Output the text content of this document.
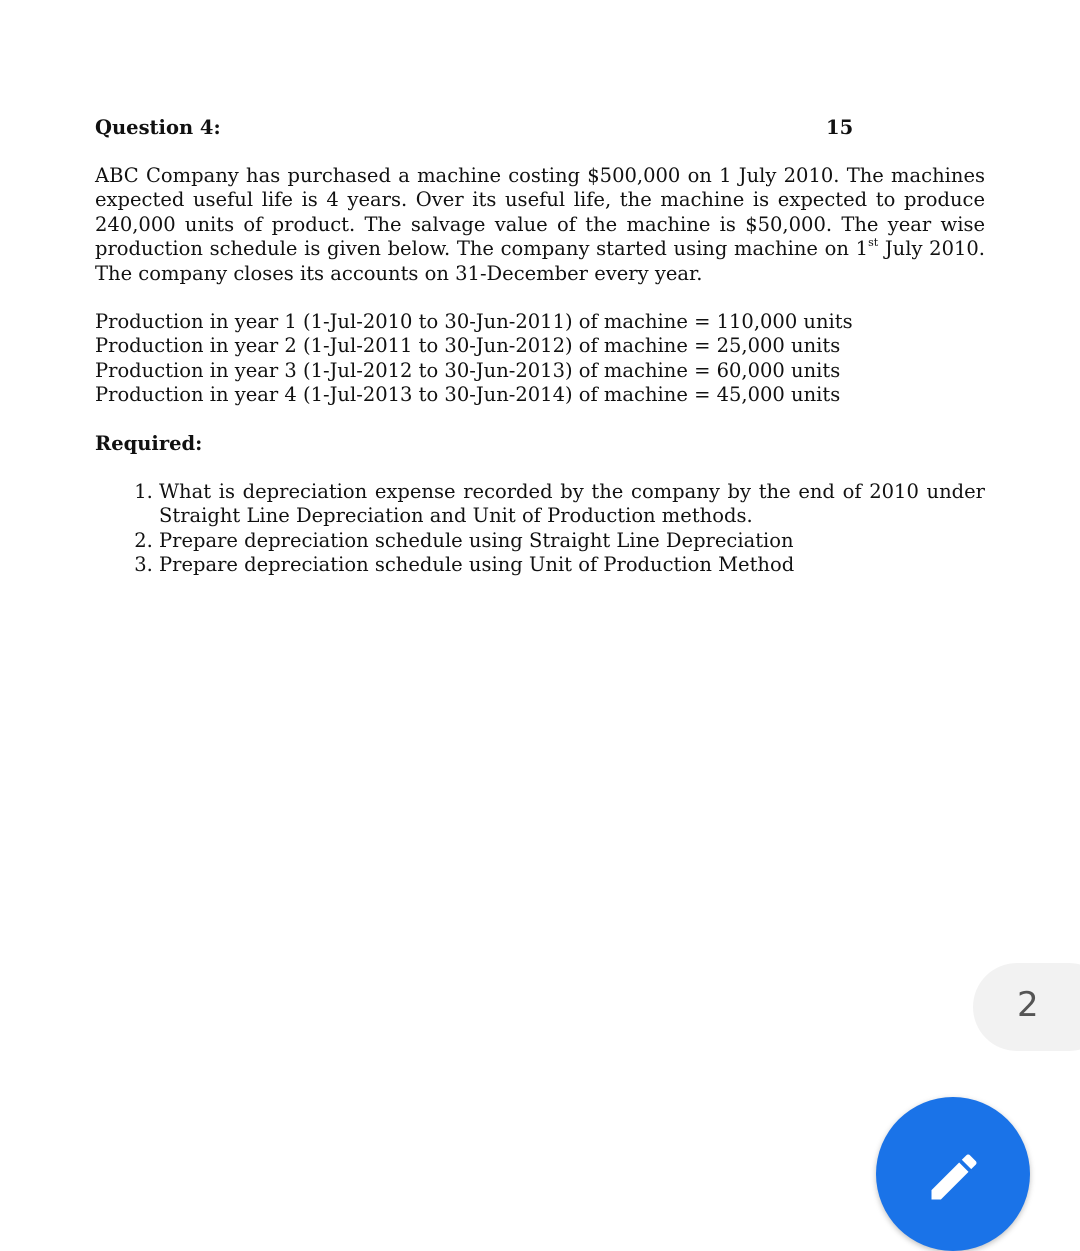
Question 4:	15
ABC Company has purchased a machine costing $500,000 on 1 July 2010. The machines expected useful life is 4 years. Over its useful life, the machine is expected to produce 240,000 units of product. The salvage value of the machine is $50,000. The year wise production schedule is given below. The company started using machine on 1st July 2010. The company closes its accounts on 31-December every year.
Production in year 1 (1-Jul-2010 to 30-Jun-2011) of machine = 110,000 units
Production in year 2 (1-Jul-2011 to 30-Jun-2012) of machine = 25,000 units
Production in year 3 (1-Jul-2012 to 30-Jun-2013) of machine = 60,000 units
Production in year 4 (1-Jul-2013 to 30-Jun-2014) of machine = 45,000 units
Required:
1. What is depreciation expense recorded by the company by the end of 2010 under Straight Line Depreciation and Unit of Production methods.
2. Prepare depreciation schedule using Straight Line Depreciation
3. Prepare depreciation schedule using Unit of Production Method
2
